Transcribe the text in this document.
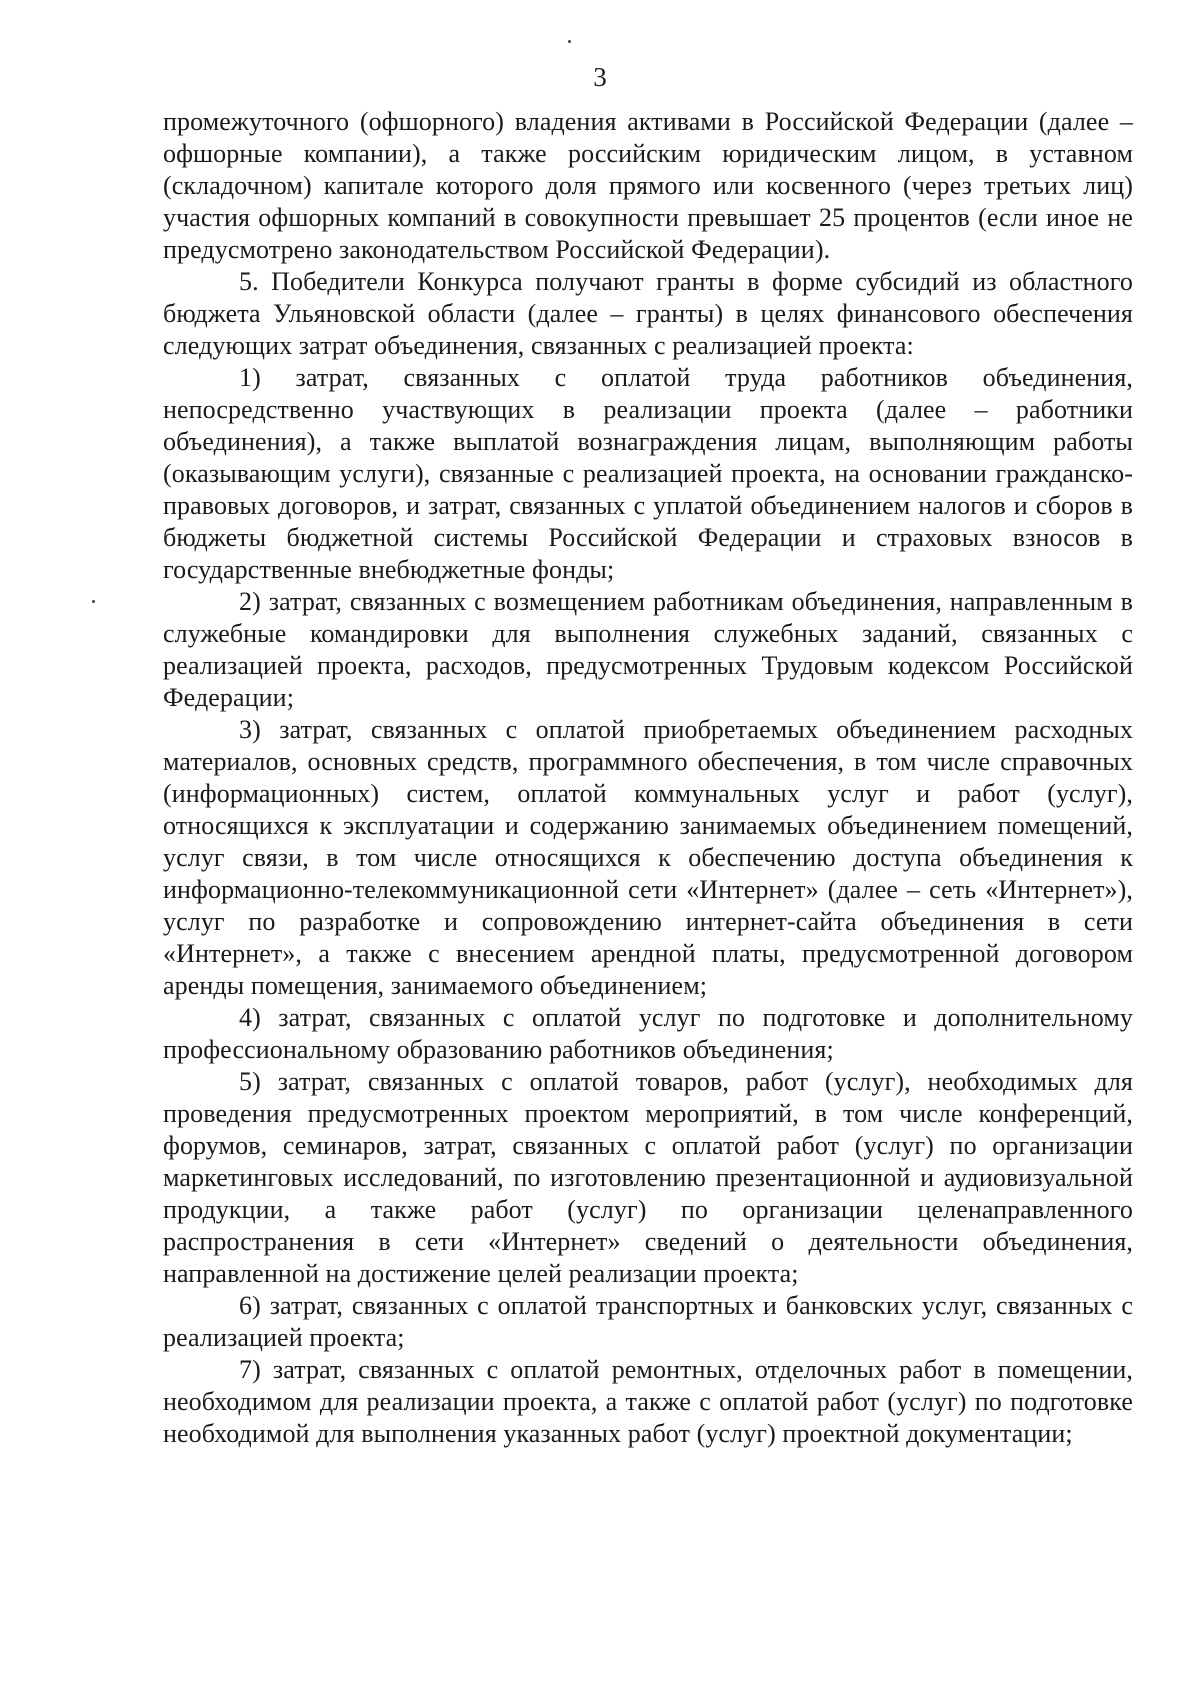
3

промежуточного (офшорного) владения активами в Российской Федерации (далее – офшорные компании), а также российским юридическим лицом, в уставном (складочном) капитале которого доля прямого или косвенного (через третьих лиц) участия офшорных компаний в совокупности превышает 25 процентов (если иное не предусмотрено законодательством Российской Федерации).

5. Победители Конкурса получают гранты в форме субсидий из областного бюджета Ульяновской области (далее – гранты) в целях финансового обеспечения следующих затрат объединения, связанных с реализацией проекта:

1) затрат, связанных с оплатой труда работников объединения, непосредственно участвующих в реализации проекта (далее – работники объединения), а также выплатой вознаграждения лицам, выполняющим работы (оказывающим услуги), связанные с реализацией проекта, на основании гражданско-правовых договоров, и затрат, связанных с уплатой объединением налогов и сборов в бюджеты бюджетной системы Российской Федерации и страховых взносов в государственные внебюджетные фонды;

2) затрат, связанных с возмещением работникам объединения, направленным в служебные командировки для выполнения служебных заданий, связанных с реализацией проекта, расходов, предусмотренных Трудовым кодексом Российской Федерации;

3) затрат, связанных с оплатой приобретаемых объединением расходных материалов, основных средств, программного обеспечения, в том числе справочных (информационных) систем, оплатой коммунальных услуг и работ (услуг), относящихся к эксплуатации и содержанию занимаемых объединением помещений, услуг связи, в том числе относящихся к обеспечению доступа объединения к информационно-телекоммуникационной сети «Интернет» (далее – сеть «Интернет»), услуг по разработке и сопровождению интернет-сайта объединения в сети «Интернет», а также с внесением арендной платы, предусмотренной договором аренды помещения, занимаемого объединением;

4) затрат, связанных с оплатой услуг по подготовке и дополнительному профессиональному образованию работников объединения;

5) затрат, связанных с оплатой товаров, работ (услуг), необходимых для проведения предусмотренных проектом мероприятий, в том числе конференций, форумов, семинаров, затрат, связанных с оплатой работ (услуг) по организации маркетинговых исследований, по изготовлению презентационной и аудиовизуальной продукции, а также работ (услуг) по организации целенаправленного распространения в сети «Интернет» сведений о деятельности объединения, направленной на достижение целей реализации проекта;

6) затрат, связанных с оплатой транспортных и банковских услуг, связанных с реализацией проекта;

7) затрат, связанных с оплатой ремонтных, отделочных работ в помещении, необходимом для реализации проекта, а также с оплатой работ (услуг) по подготовке необходимой для выполнения указанных работ (услуг) проектной документации;
